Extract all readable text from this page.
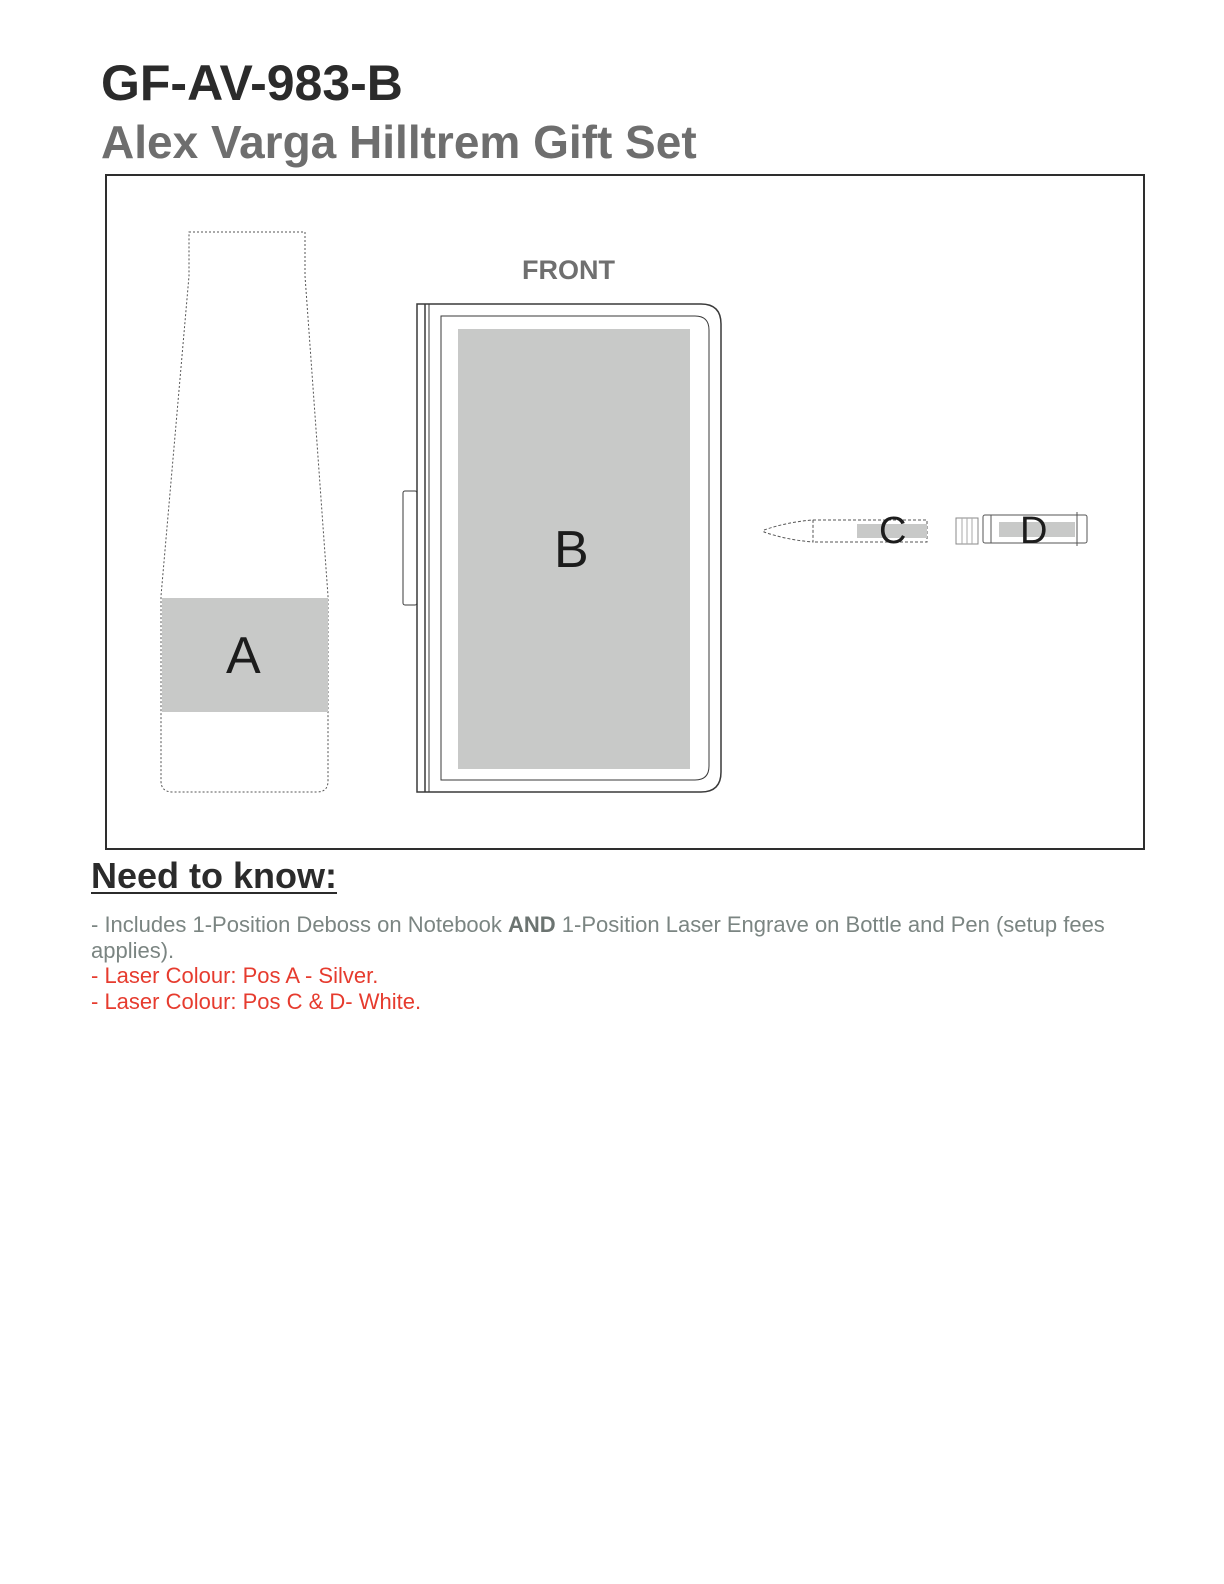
GF-AV-983-B
Alex Varga Hilltrem Gift Set
FRONT
A
B	C	D
Need to know:
- Includes 1-Position Deboss on Notebook AND 1-Position Laser Engrave on Bottle and Pen (setup fees applies).
- Laser Colour: Pos A - Silver.
- Laser Colour: Pos C & D- White.
